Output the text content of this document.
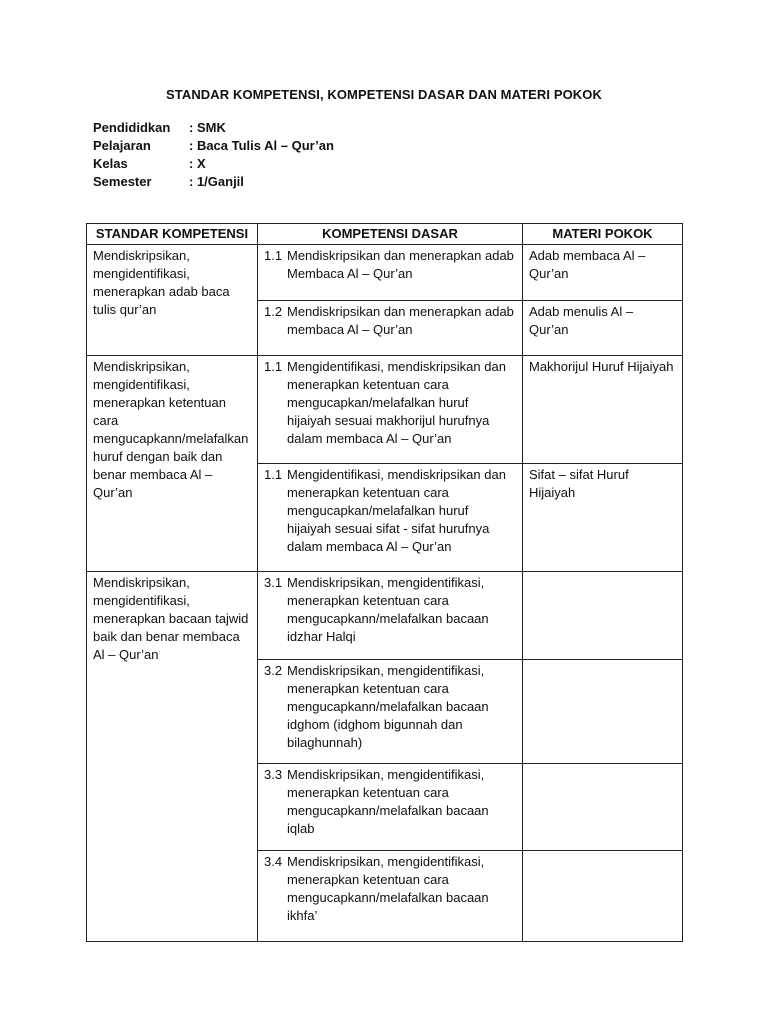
STANDAR KOMPETENSI, KOMPETENSI DASAR DAN MATERI POKOK
Pendididkan	: SMK
Pelajaran	: Baca Tulis Al – Qur’an
Kelas	: X
Semester	: 1/Ganjil
STANDAR KOMPETENSI	KOMPETENSI DASAR	MATERI POKOK
Mendiskripsikan, mengidentifikasi, menerapkan adab baca tulis qur’an	1.1 Mendiskripsikan dan menerapkan adab Membaca Al – Qur’an	Adab membaca Al – Qur’an

	1.2 Mendiskripsikan dan menerapkan adab membaca Al – Qur’an	Adab menulis Al – Qur’an
Mendiskripsikan, mengidentifikasi, menerapkan ketentuan cara mengucapkann/melafalkan huruf dengan baik dan benar membaca Al – Qur’an	1.1 Mengidentifikasi, mendiskripsikan dan menerapkan ketentuan cara mengucapkan/melafalkan huruf hijaiyah sesuai makhorijul hurufnya dalam membaca Al – Qur’an	Makhorijul Huruf Hijaiyah

	1.1 Mengidentifikasi, mendiskripsikan dan menerapkan ketentuan cara mengucapkan/melafalkan huruf hijaiyah sesuai sifat - sifat hurufnya dalam membaca Al – Qur’an	Sifat – sifat Huruf Hijaiyah
Mendiskripsikan, mengidentifikasi, menerapkan bacaan tajwid baik dan benar membaca Al – Qur’an	3.1 Mendiskripsikan, mengidentifikasi, menerapkan ketentuan cara mengucapkann/melafalkan bacaan idzhar Halqi	

	3.2 Mendiskripsikan, mengidentifikasi, menerapkan ketentuan cara mengucapkann/melafalkan bacaan idghom (idghom bigunnah dan bilaghunnah)	

	3.3 Mendiskripsikan, mengidentifikasi, menerapkan ketentuan cara mengucapkann/melafalkan bacaan iqlab	

	3.4 Mendiskripsikan, mengidentifikasi, menerapkan ketentuan cara mengucapkann/melafalkan bacaan ikhfa’	
